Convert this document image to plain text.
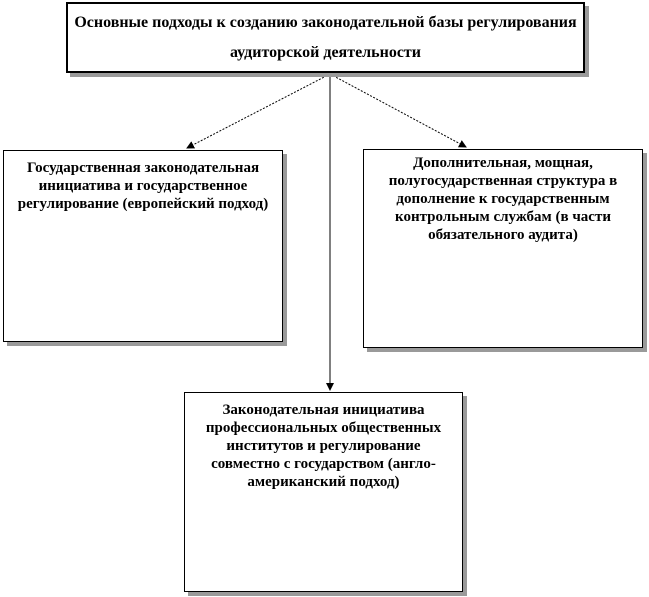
Основные подходы к созданию законодательной базы регулирования аудиторской деятельности
Государственная законодательная инициатива и государственное регулирование (европейский подход)
Дополнительная, мощная, полугосударственная структура в дополнение к государственным контрольным службам (в части обязательного аудита)
Законодательная инициатива профессиональных общественных институтов и регулирование совместно с государством (англо-американский подход)
